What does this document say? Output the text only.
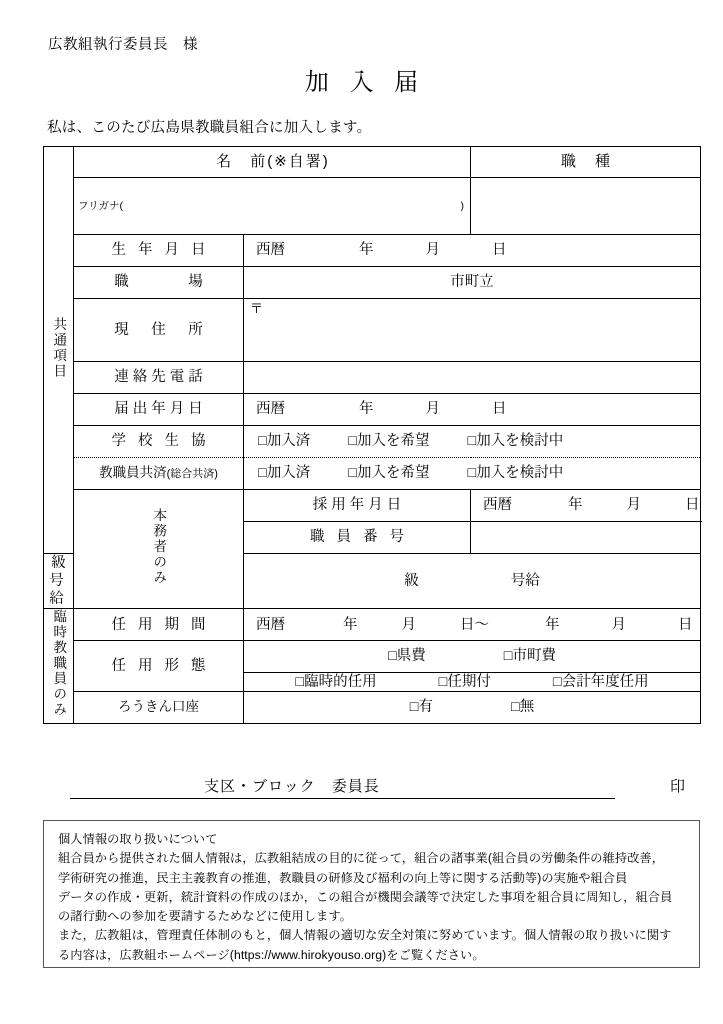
広教組執行委員長　様
加 入 届
私は、このたび広島県教職員組合に加入します。
共通項目	名　前(※自署)		職　種

	フリガナ( )		

	生 年 月 日	西暦 年 月 日	

	職　　　場	市町立	
	現　住　所	〒	

	連絡先電話		
	届出年月日	西暦 年 月 日	

	学 校 生 協	□加入済 □加入を希望 □加入を検討中	

	教職員共済(総合共済)	□加入済 □加入を希望 □加入を検討中	

	本務者のみ	採用年月日	西暦 年 月 日

		職 員 番 号	
級　号　給		級 号給	

臨時教職員のみ	任 用 期 間	西暦	年	月	日～	年	月	日

	任 用 形 態	□県費 □市町費	

		□臨時的任用 □任期付 □会計年度任用	

	ろうきん口座	□有 □無	
支区・ブロック　委員長	印
個人情報の取り扱いについて

組合員から提供された個人情報は，広教組結成の目的に従って，組合の諸事業(組合員の労働条件の維持改善，

学術研究の推進，民主主義教育の推進，教職員の研修及び福利の向上等に関する活動等)の実施や組合員

データの作成・更新，統計資料の作成のほか，この組合が機関会議等で決定した事項を組合員に周知し，組合員

の諸行動への参加を要請するためなどに使用します。

また，広教組は，管理責任体制のもと，個人情報の適切な安全対策に努めています。個人情報の取り扱いに関す

る内容は，広教組ホームページ(https://www.hirokyouso.org)をご覧ください。
